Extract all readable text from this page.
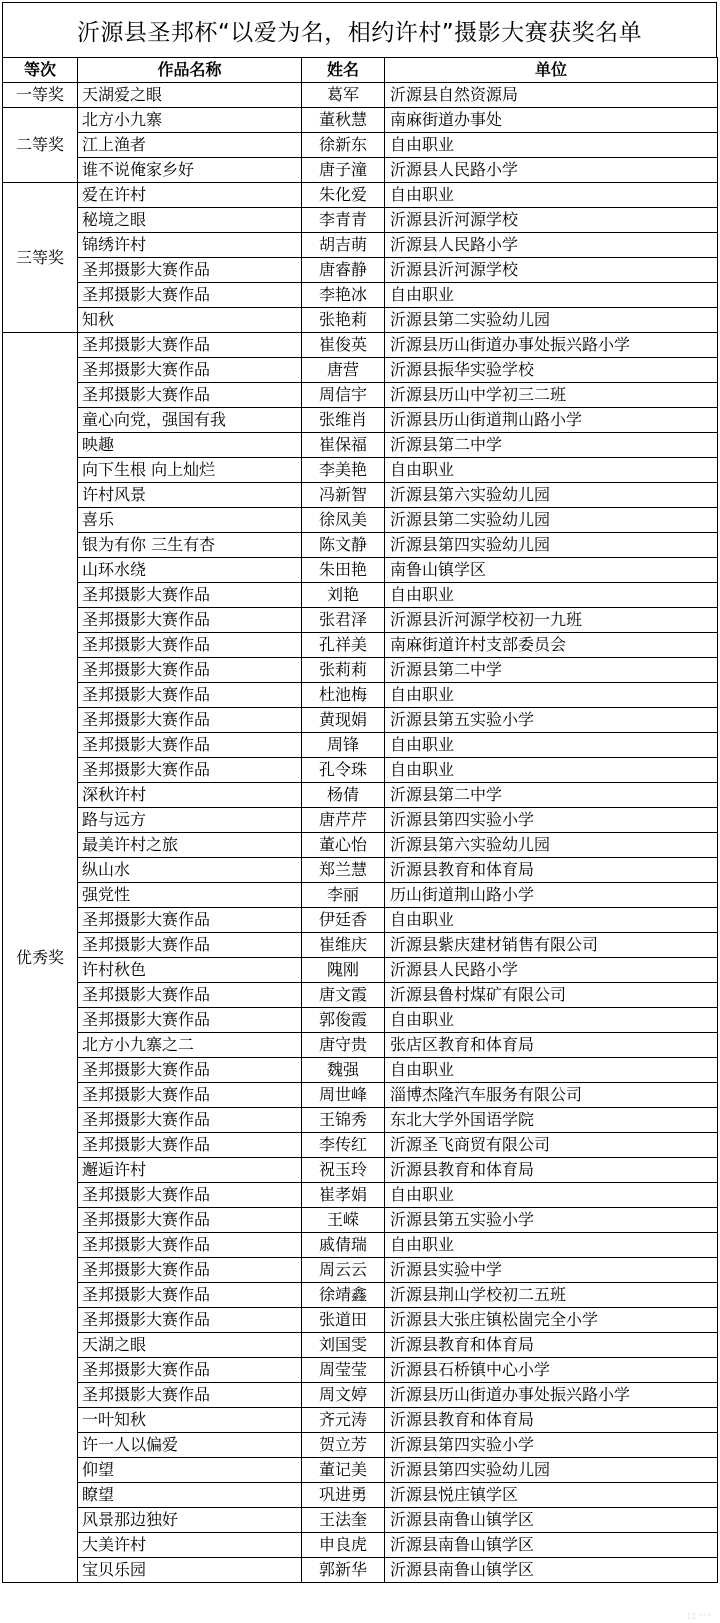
沂源县圣邦杯“以爱为名，相约许村”摄影大赛获奖名单
等次	作品名称	姓名	单位
一等奖	天湖爱之眼	葛军	沂源县自然资源局
二等奖	北方小九寨	董秋慧	南麻街道办事处
	江上渔者	徐新东	自由职业
	谁不说俺家乡好	唐子潼	沂源县人民路小学
三等奖	爱在许村	朱化爱	自由职业
	秘境之眼	李青青	沂源县沂河源学校
	锦绣许村	胡吉萌	沂源县人民路小学
	圣邦摄影大赛作品	唐睿静	沂源县沂河源学校
	圣邦摄影大赛作品	李艳冰	自由职业
	知秋	张艳莉	沂源县第二实验幼儿园
优秀奖	圣邦摄影大赛作品	崔俊英	沂源县历山街道办事处振兴路小学
	圣邦摄影大赛作品	唐营	沂源县振华实验学校
	圣邦摄影大赛作品	周信宇	沂源县历山中学初三二班
	童心向党，强国有我	张维肖	沂源县历山街道荆山路小学
	映趣	崔保福	沂源县第二中学
	向下生根 向上灿烂	李美艳	自由职业
	许村风景	冯新智	沂源县第六实验幼儿园
	喜乐	徐凤美	沂源县第二实验幼儿园
	银为有你 三生有杏	陈文静	沂源县第四实验幼儿园
	山环水绕	朱田艳	南鲁山镇学区
	圣邦摄影大赛作品	刘艳	自由职业
	圣邦摄影大赛作品	张君泽	沂源县沂河源学校初一九班
	圣邦摄影大赛作品	孔祥美	南麻街道许村支部委员会
	圣邦摄影大赛作品	张莉莉	沂源县第二中学
	圣邦摄影大赛作品	杜池梅	自由职业
	圣邦摄影大赛作品	黄现娟	沂源县第五实验小学
	圣邦摄影大赛作品	周锋	自由职业
	圣邦摄影大赛作品	孔令珠	自由职业
	深秋许村	杨倩	沂源县第二中学
	路与远方	唐芹芹	沂源县第四实验小学
	最美许村之旅	董心怡	沂源县第六实验幼儿园
	纵山水	郑兰慧	沂源县教育和体育局
	强党性	李丽	历山街道荆山路小学
	圣邦摄影大赛作品	伊廷香	自由职业
	圣邦摄影大赛作品	崔维庆	沂源县紫庆建材销售有限公司
	许村秋色	隗刚	沂源县人民路小学
	圣邦摄影大赛作品	唐文霞	沂源县鲁村煤矿有限公司
	圣邦摄影大赛作品	郭俊霞	自由职业
	北方小九寨之二	唐守贵	张店区教育和体育局
	圣邦摄影大赛作品	魏强	自由职业
	圣邦摄影大赛作品	周世峰	淄博杰隆汽车服务有限公司
	圣邦摄影大赛作品	王锦秀	东北大学外国语学院
	圣邦摄影大赛作品	李传红	沂源圣飞商贸有限公司
	邂逅许村	祝玉玲	沂源县教育和体育局
	圣邦摄影大赛作品	崔孝娟	自由职业
	圣邦摄影大赛作品	王嵘	沂源县第五实验小学
	圣邦摄影大赛作品	戚倩瑞	自由职业
	圣邦摄影大赛作品	周云云	沂源县实验中学
	圣邦摄影大赛作品	徐靖鑫	沂源县荆山学校初二五班
	圣邦摄影大赛作品	张道田	沂源县大张庄镇松崮完全小学
	天湖之眼	刘国雯	沂源县教育和体育局
	圣邦摄影大赛作品	周莹莹	沂源县石桥镇中心小学
	圣邦摄影大赛作品	周文婷	沂源县历山街道办事处振兴路小学
	一叶知秋	齐元涛	沂源县教育和体育局
	许一人以偏爱	贺立芳	沂源县第四实验小学
	仰望	董记美	沂源县第四实验幼儿园
	瞭望	巩进勇	沂源县悦庄镇学区
	风景那边独好	王法奎	沂源县南鲁山镇学区
	大美许村	申良虎	沂源县南鲁山镇学区
	宝贝乐园	郭新华	沂源县南鲁山镇学区
⬚ ◦◦◦
